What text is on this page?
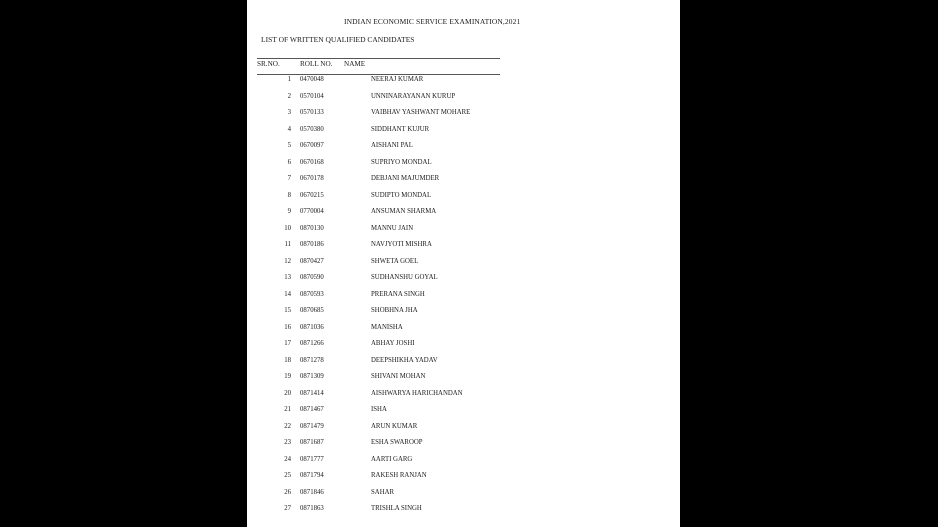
INDIAN ECONOMIC SERVICE EXAMINATION,2021
LIST OF WRITTEN QUALIFIED CANDIDATES
SR.NO.	ROLL NO. NAME
1 0470048	NEERAJ KUMAR
2 0570104	UNNINARAYANAN KURUP
3 0570133	VAIBHAV YASHWANT MOHARE
4 0570380	SIDDHANT KUJUR
5 0670097	AISHANI PAL
6 0670168	SUPRIYO MONDAL
7 0670178	DEBJANI MAJUMDER
8 0670215	SUDIPTO MONDAL
9 0770004	ANSUMAN SHARMA
10 0870130	MANNU JAIN
11 0870186	NAVJYOTI MISHRA
12 0870427	SHWETA GOEL
13 0870590	SUDHANSHU GOYAL
14 0870593	PRERANA SINGH
15 0870685	SHOBHNA JHA
16 0871036	MANISHA
17 0871266	ABHAY JOSHI
18 0871278	DEEPSHIKHA YADAV
19 0871309	SHIVANI MOHAN
20 0871414	AISHWARYA HARICHANDAN
21 0871467	ISHA
22 0871479	ARUN KUMAR
23 0871687	ESHA SWAROOP
24 0871777	AARTI GARG
25 0871794	RAKESH RANJAN
26 0871846	SAHAR
27 0871863	TRISHLA SINGH
